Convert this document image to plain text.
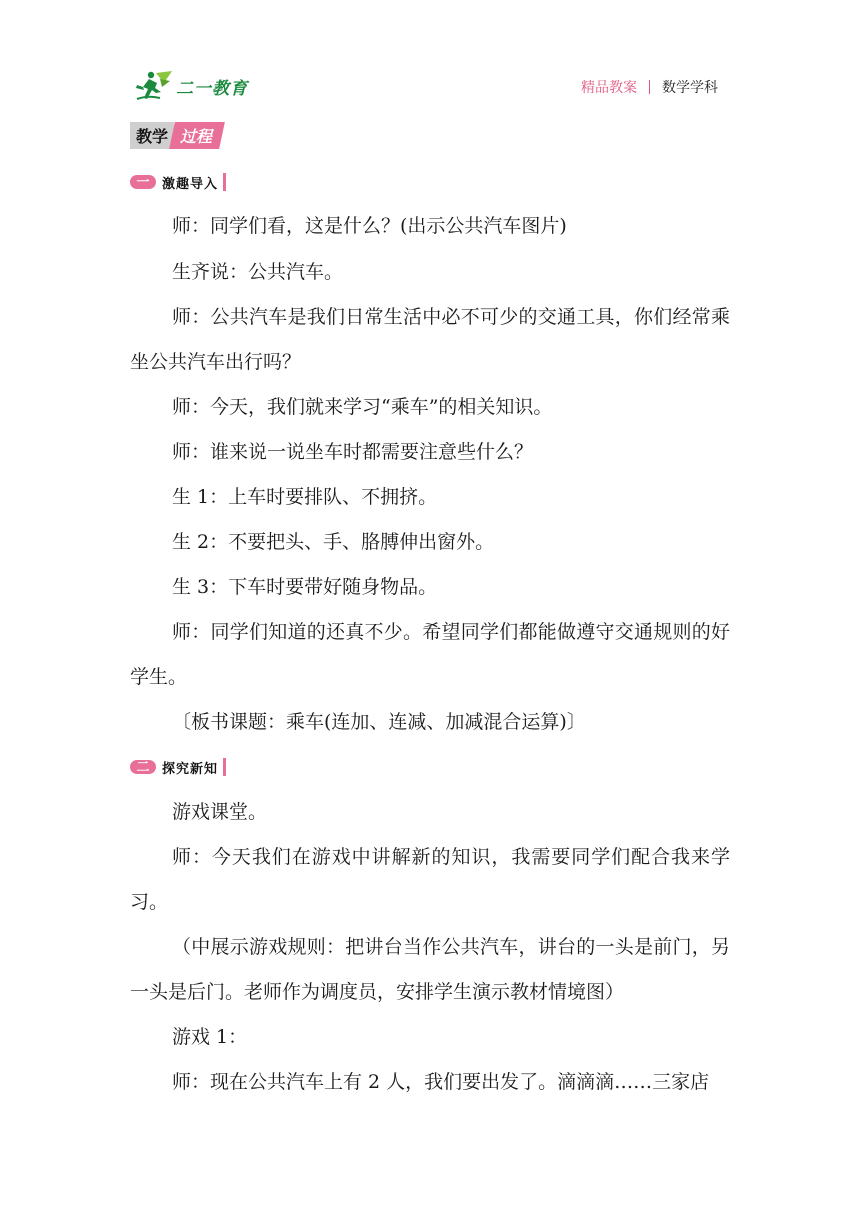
二一教育	精品教案 数学学科
教学 过程
一 激趣导入

师：同学们看，这是什么？(出示公共汽车图片)

生齐说：公共汽车。

师：公共汽车是我们日常生活中必不可少的交通工具，你们经常乘坐公共汽车出行吗？

师：今天，我们就来学习“乘车”的相关知识。

师：谁来说一说坐车时都需要注意些什么？

生 1：上车时要排队、不拥挤。

生 2：不要把头、手、胳膊伸出窗外。

生 3：下车时要带好随身物品。

师：同学们知道的还真不少。希望同学们都能做遵守交通规则的好学生。

〔板书课题：乘车(连加、连减、加减混合运算)〕

二 探究新知

游戏课堂。

师：今天我们在游戏中讲解新的知识，我需要同学们配合我来学习。

（中展示游戏规则：把讲台当作公共汽车，讲台的一头是前门，另一头是后门。老师作为调度员，安排学生演示教材情境图）

游戏 1：

师：现在公共汽车上有 2 人，我们要出发了。滴滴滴……三家店
